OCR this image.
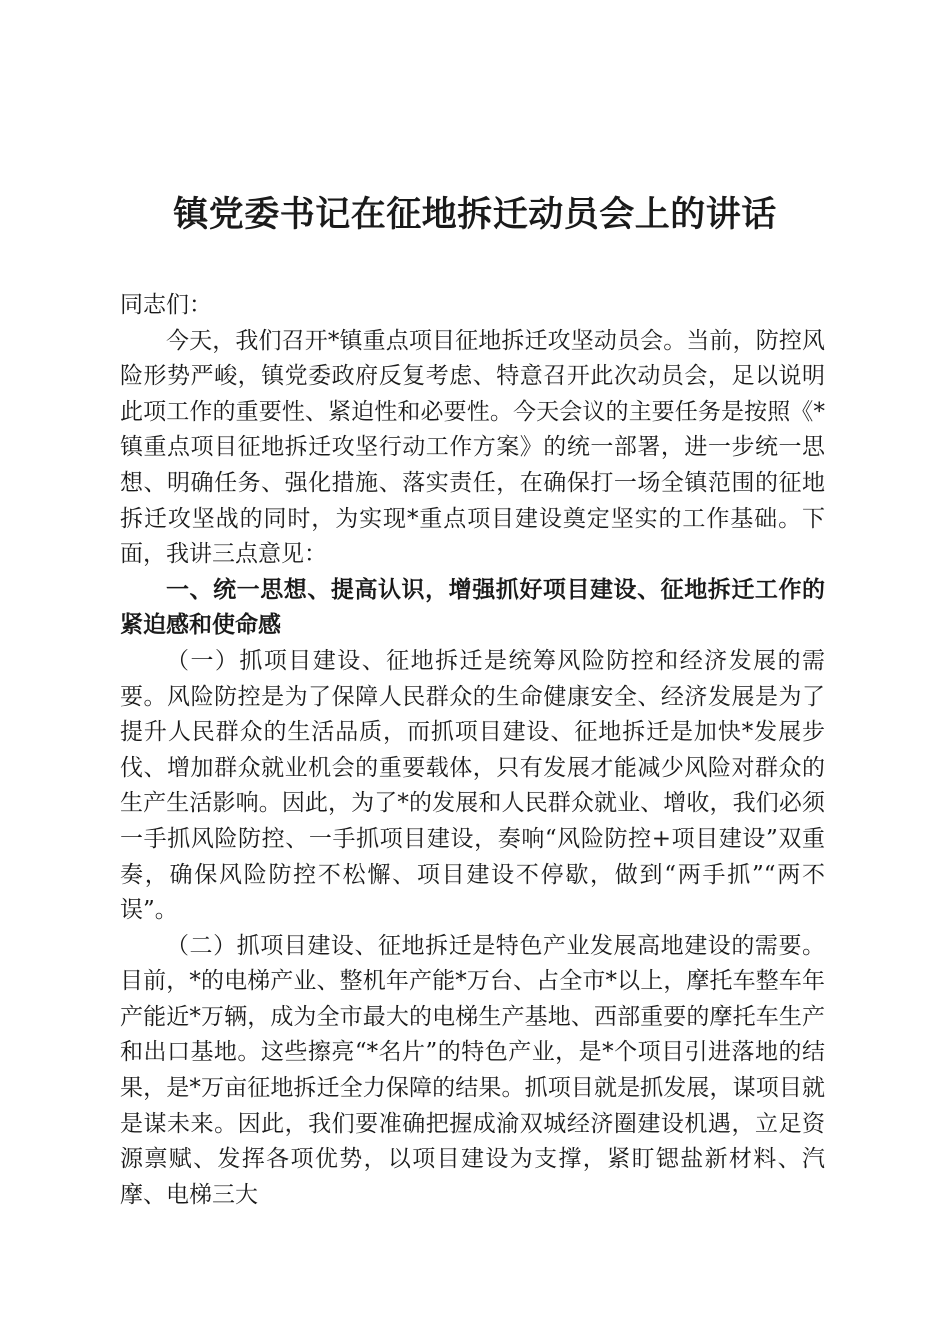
镇党委书记在征地拆迁动员会上的讲话

同志们：

今天，我们召开*镇重点项目征地拆迁攻坚动员会。当前，防控风险形势严峻，镇党委政府反复考虑、特意召开此次动员会，足以说明此项工作的重要性、紧迫性和必要性。今天会议的主要任务是按照《*镇重点项目征地拆迁攻坚行动工作方案》的统一部署，进一步统一思想、明确任务、强化措施、落实责任，在确保打一场全镇范围的征地拆迁攻坚战的同时，为实现*重点项目建设奠定坚实的工作基础。下面，我讲三点意见：

一、统一思想、提高认识，增强抓好项目建设、征地拆迁工作的紧迫感和使命感

（一）抓项目建设、征地拆迁是统筹风险防控和经济发展的需要。风险防控是为了保障人民群众的生命健康安全、经济发展是为了提升人民群众的生活品质，而抓项目建设、征地拆迁是加快*发展步伐、增加群众就业机会的重要载体，只有发展才能减少风险对群众的生产生活影响。因此，为了*的发展和人民群众就业、增收，我们必须一手抓风险防控、一手抓项目建设，奏响“风险防控+项目建设”双重奏，确保风险防控不松懈、项目建设不停歇，做到“两手抓”“两不误”。

（二）抓项目建设、征地拆迁是特色产业发展高地建设的需要。目前，*的电梯产业、整机年产能*万台、占全市*以上，摩托车整车年产能近*万辆，成为全市最大的电梯生产基地、西部重要的摩托车生产和出口基地。这些擦亮“*名片”的特色产业，是*个项目引进落地的结果，是*万亩征地拆迁全力保障的结果。抓项目就是抓发展，谋项目就是谋未来。因此，我们要准确把握成渝双城经济圈建设机遇，立足资源禀赋、发挥各项优势，以项目建设为支撑，紧盯锶盐新材料、汽摩、电梯三大
